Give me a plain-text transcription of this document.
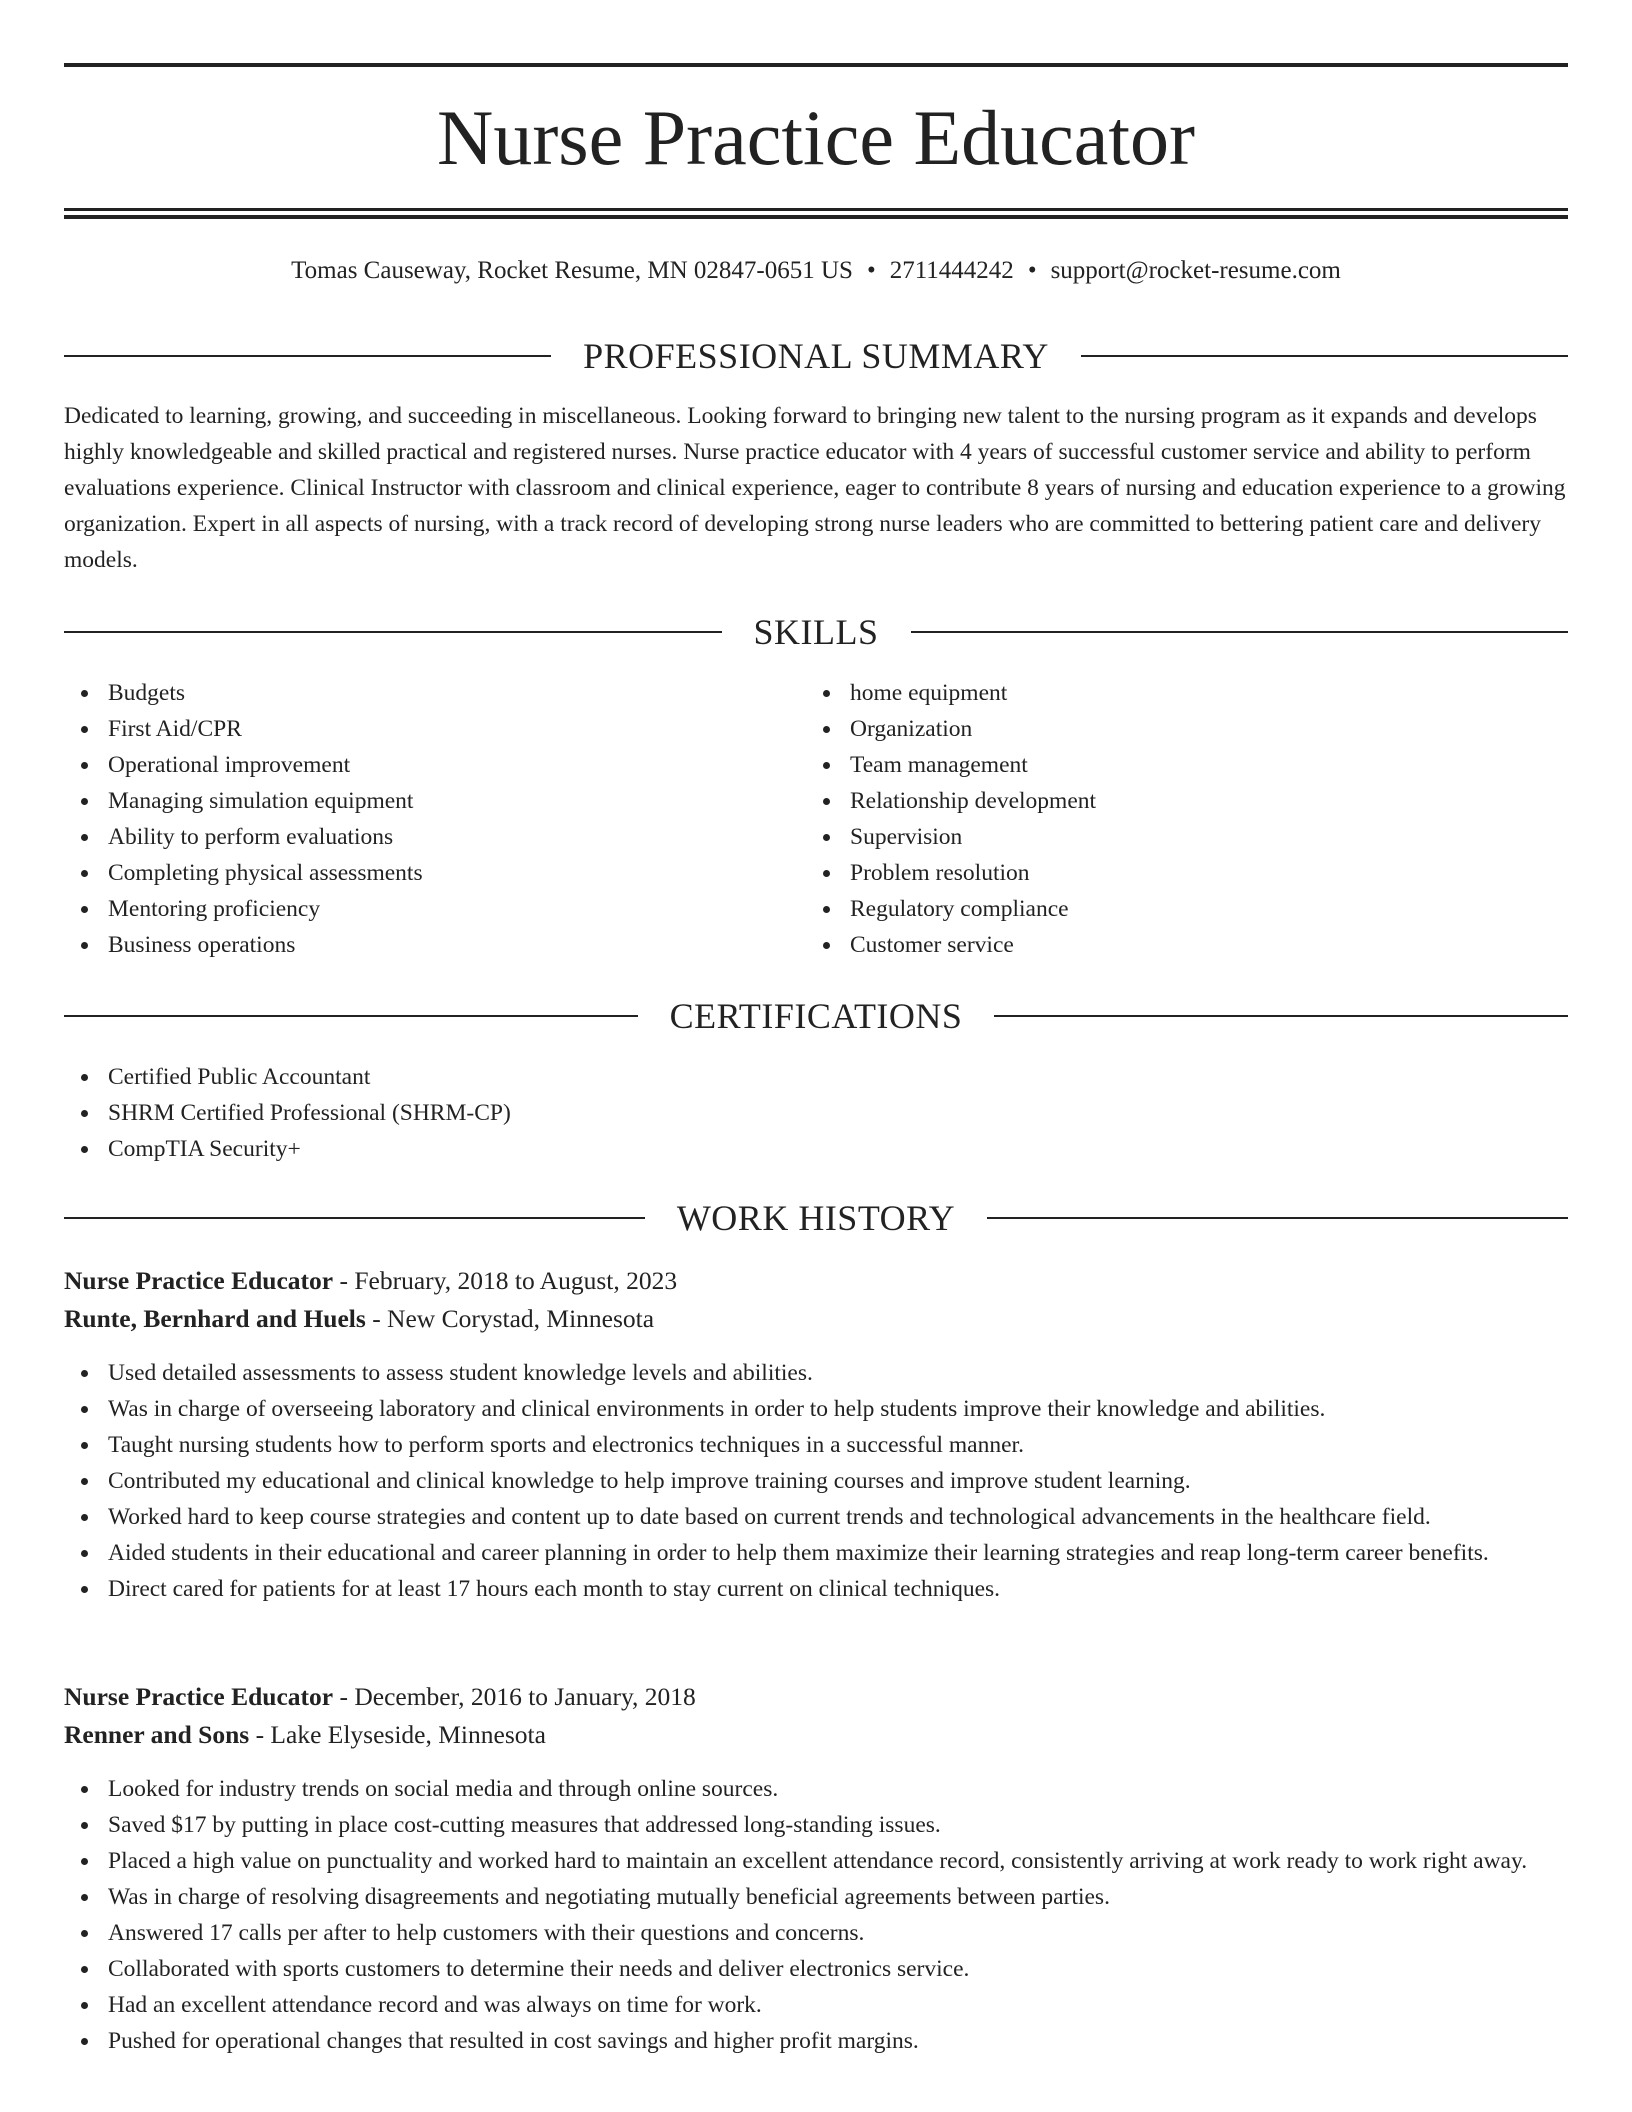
Nurse Practice Educator
Tomas Causeway, Rocket Resume, MN 02847-0651 US • 2711444242 • support@rocket-resume.com
PROFESSIONAL SUMMARY

Dedicated to learning, growing, and succeeding in miscellaneous. Looking forward to bringing new talent to the nursing program as it expands and develops highly knowledgeable and skilled practical and registered nurses. Nurse practice educator with 4 years of successful customer service and ability to perform evaluations experience. Clinical Instructor with classroom and clinical experience, eager to contribute 8 years of nursing and education experience to a growing organization. Expert in all aspects of nursing, with a track record of developing strong nurse leaders who are committed to bettering patient care and delivery models.

SKILLS
Budgets
First Aid/CPR
Operational improvement
Managing simulation equipment
Ability to perform evaluations
Completing physical assessments
Mentoring proficiency
Business operations
home equipment
Organization
Team management
Relationship development
Supervision
Problem resolution
Regulatory compliance
Customer service
CERTIFICATIONS
Certified Public Accountant
SHRM Certified Professional (SHRM-CP)
CompTIA Security+
WORK HISTORY
Nurse Practice Educator - February, 2018 to August, 2023
Runte, Bernhard and Huels - New Corystad, Minnesota
Used detailed assessments to assess student knowledge levels and abilities.
Was in charge of overseeing laboratory and clinical environments in order to help students improve their knowledge and abilities.
Taught nursing students how to perform sports and electronics techniques in a successful manner.
Contributed my educational and clinical knowledge to help improve training courses and improve student learning.
Worked hard to keep course strategies and content up to date based on current trends and technological advancements in the healthcare field.
Aided students in their educational and career planning in order to help them maximize their learning strategies and reap long-term career benefits.
Direct cared for patients for at least 17 hours each month to stay current on clinical techniques.
Nurse Practice Educator - December, 2016 to January, 2018
Renner and Sons - Lake Elyseside, Minnesota
Looked for industry trends on social media and through online sources.
Saved $17 by putting in place cost-cutting measures that addressed long-standing issues.
Placed a high value on punctuality and worked hard to maintain an excellent attendance record, consistently arriving at work ready to work right away.
Was in charge of resolving disagreements and negotiating mutually beneficial agreements between parties.
Answered 17 calls per after to help customers with their questions and concerns.
Collaborated with sports customers to determine their needs and deliver electronics service.
Had an excellent attendance record and was always on time for work.
Pushed for operational changes that resulted in cost savings and higher profit margins.
